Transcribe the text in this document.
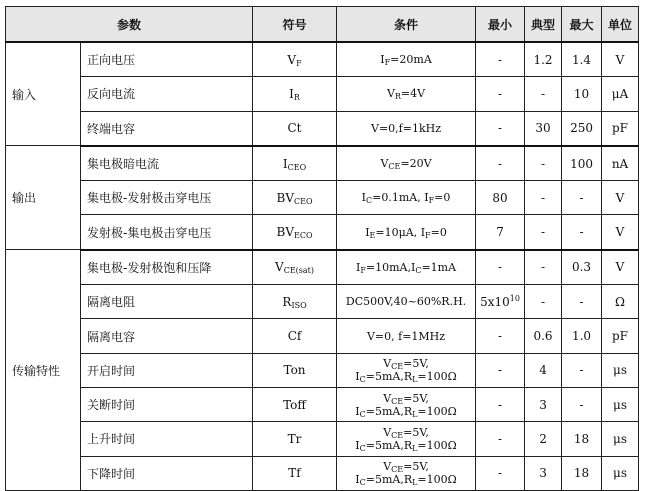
参数		符号	条件	最小	典型	最大	单位
输入	正向电压	$V_F$	$I_F=20mA$	-	1.2	1.4	V
	反向电流	$I_R$	$V_R=4V$	-	-	10	μA
	终端电容	Ct	V=0,f=1kHz	-	30	250	pF
输出	集电极暗电流	$I_{CEO}$	$V_{CE}=20V$	-	-	100	nA
	集电极-发射极击穿电压	$BV_{CEO}$	$I_C=0.1mA$, $I_F=0$	80	-	-	V
	发射极-集电极击穿电压	$BV_{ECO}$	$I_E=10\mu A$, $I_F=0$	7	-	-	V
传输特性	集电极-发射极饱和压降	$V_{CE(sat)}$	$I_F=10mA,I_C=1mA$	-	-	0.3	V
	隔离电阻	$R_{ISO}$	DC500V,40~60%R.H.	$5x10^{10}$	-	-	Ω
	隔离电容	Cf	V=0, f=1MHz	-	0.6	1.0	pF
	开启时间	Ton	$V_{CE}=5V$,
$I_C=5mA,R_L=100\Omega$	-	4	-	μs
	关断时间	Toff	$V_{CE}=5V$,
$I_C=5mA,R_L=100\Omega$	-	3	-	μs
	上升时间	Tr	$V_{CE}=5V$,
$I_C=5mA,R_L=100\Omega$	-	2	18	μs
	下降时间	Tf	$V_{CE}=5V$,
$I_C=5mA,R_L=100\Omega$	-	3	18	μs
